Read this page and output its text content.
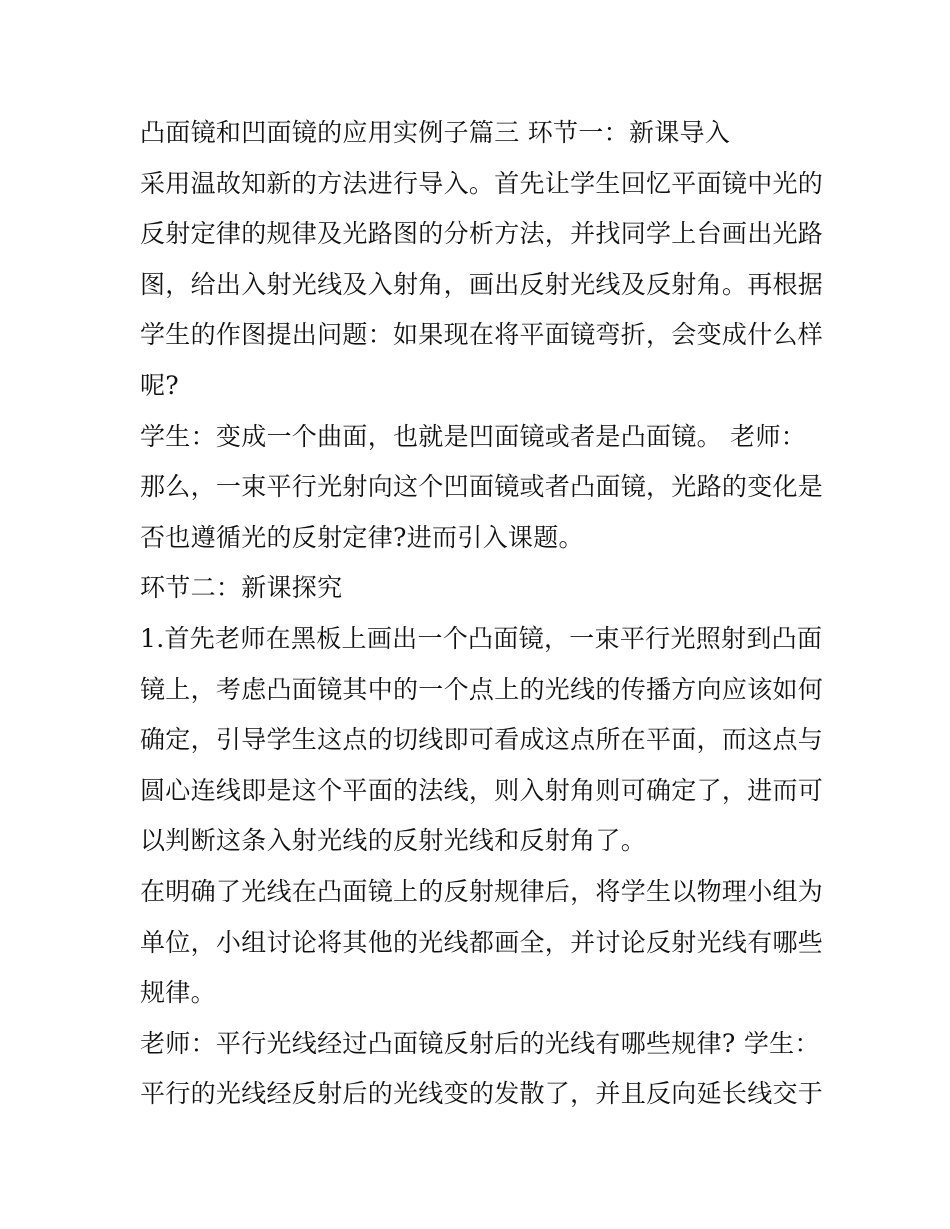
凸面镜和凹面镜的应用实例子篇三 环节一：新课导入
采用温故知新的方法进行导入。首先让学生回忆平面镜中光的
反射定律的规律及光路图的分析方法，并找同学上台画出光路
图，给出入射光线及入射角，画出反射光线及反射角。再根据
学生的作图提出问题：如果现在将平面镜弯折，会变成什么样
呢?
学生：变成一个曲面，也就是凹面镜或者是凸面镜。 老师：
那么，一束平行光射向这个凹面镜或者凸面镜，光路的变化是
否也遵循光的反射定律?进而引入课题。
环节二：新课探究
1.首先老师在黑板上画出一个凸面镜，一束平行光照射到凸面
镜上，考虑凸面镜其中的一个点上的光线的传播方向应该如何
确定，引导学生这点的切线即可看成这点所在平面，而这点与
圆心连线即是这个平面的法线，则入射角则可确定了，进而可
以判断这条入射光线的反射光线和反射角了。
在明确了光线在凸面镜上的反射规律后，将学生以物理小组为
单位，小组讨论将其他的光线都画全，并讨论反射光线有哪些
规律。
老师：平行光线经过凸面镜反射后的光线有哪些规律? 学生：
平行的光线经反射后的光线变的发散了，并且反向延长线交于
